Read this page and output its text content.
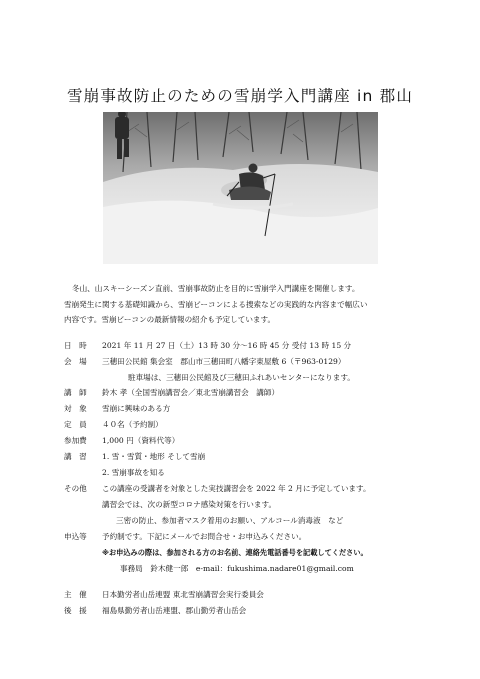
雪崩事故防止のための雪崩学入門講座 in 郡山

冬山、山スキーシーズン直前、雪崩事故防止を目的に雪崩学入門講座を開催します。

雪崩発生に関する基礎知識から、雪崩ビーコンによる捜索などの実践的な内容まで幅広い

内容です。雪崩ビーコンの最新情報の紹介も予定しています。

日　時	2021 年 11 月 27 日（土）13 時 30 分〜16 時 45 分 受付 13 時 15 分
会　場	三穂田公民館 集会室　郡山市三穂田町八幡字東屋敷 6（〒963-0129）
駐車場は、三穂田公民館及び三穂田ふれあいセンターになります。
講　師	鈴木 孝（全国雪崩講習会／東北雪崩講習会　講師）
対　象	雪崩に興味のある方
定　員	４０名（予約制）
参加費	1,000 円（資料代等）
講　習	1. 雪・雪質・地形 そして雪崩
2. 雪崩事故を知る
その他	この講座の受講者を対象とした実技講習会を 2022 年 2 月に予定しています。
講習会では、次の新型コロナ感染対策を行います。
三密の防止、参加者マスク着用のお願い、アルコール消毒液　など
申込等	予約制です。下記にメールでお問合せ・お申込みください。
※お申込みの際は、参加される方のお名前、連絡先電話番号を記載してください。
事務局　鈴木健一郎　e-mail：fukushima.nadare01@gmail.com
主　催	日本勤労者山岳連盟 東北雪崩講習会実行委員会
後　援	福島県勤労者山岳連盟、郡山勤労者山岳会
